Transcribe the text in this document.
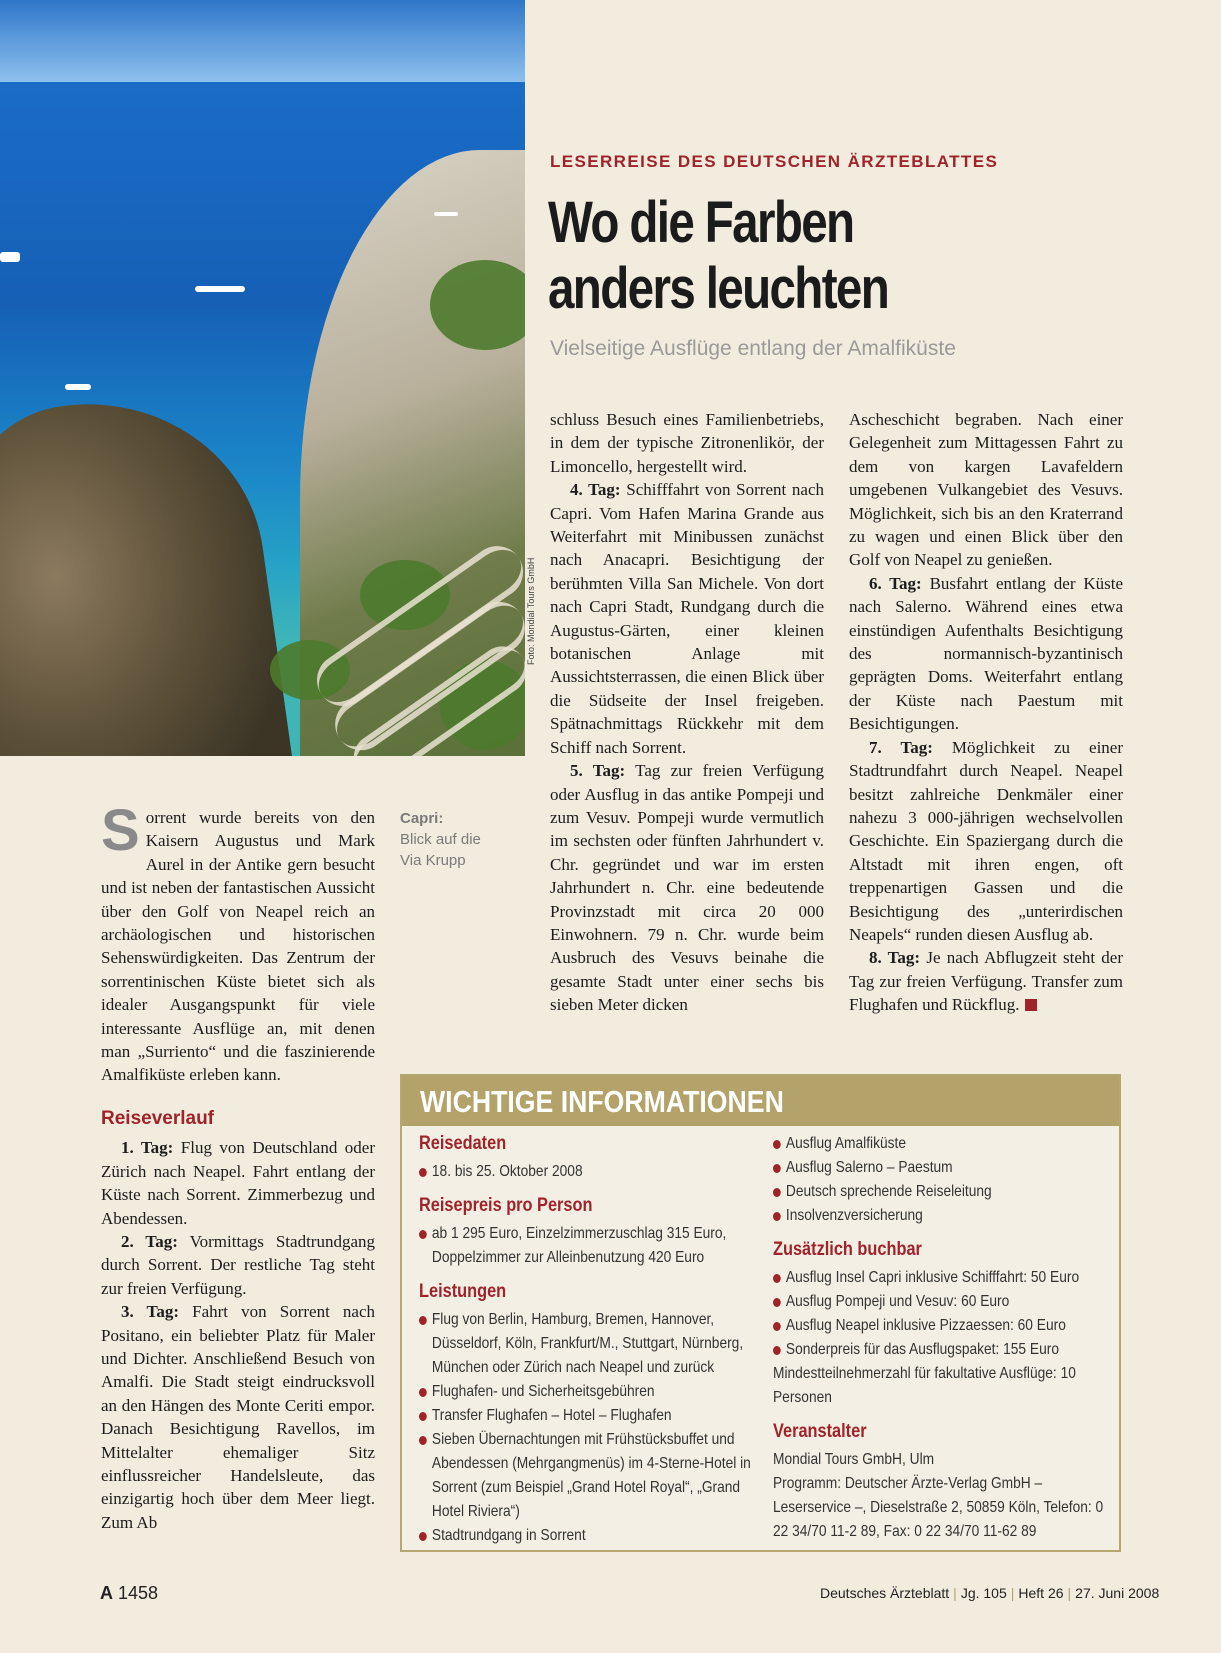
Foto: Mondial Tours GmbH
LESERREISE DES DEUTSCHEN ÄRZTEBLATTES
Wo die Farben
anders leuchten
Vielseitige Ausflüge entlang der Amalfiküste
Capri:
Blick auf die Via Krupp

Sorrent wurde bereits von den Kaisern Augustus und Mark Aurel in der Antike gern besucht und ist neben der fantastischen Aussicht über den Golf von Neapel reich an archäologischen und historischen Sehenswürdigkeiten. Das Zentrum der sorrentinischen Küste bietet sich als idealer Ausgangspunkt für viele interessante Ausflüge an, mit denen man „Surriento“ und die faszinierende Amalfiküste erleben kann.

Reiseverlauf

1. Tag: Flug von Deutschland oder Zürich nach Neapel. Fahrt entlang der Küste nach Sorrent. Zimmerbezug und Abendessen.

2. Tag: Vormittags Stadtrundgang durch Sorrent. Der restliche Tag steht zur freien Verfügung.

3. Tag: Fahrt von Sorrent nach Positano, ein beliebter Platz für Maler und Dichter. Anschließend Besuch von Amalfi. Die Stadt steigt eindrucksvoll an den Hängen des Monte Ceriti empor. Danach Besichtigung Ravellos, im Mittelalter ehemaliger Sitz einflussreicher Handelsleute, das einzigartig hoch über dem Meer liegt. Zum Ab

schluss Besuch eines Familienbetriebs, in dem der typische Zitronenlikör, der Limoncello, hergestellt wird.

4. Tag: Schifffahrt von Sorrent nach Capri. Vom Hafen Marina Grande aus Weiterfahrt mit Minibussen zunächst nach Anacapri. Besichtigung der berühmten Villa San Michele. Von dort nach Capri Stadt, Rundgang durch die Augustus-Gärten, einer kleinen botanischen Anlage mit Aussichtsterrassen, die einen Blick über die Südseite der Insel freigeben. Spätnachmittags Rückkehr mit dem Schiff nach Sorrent.

5. Tag: Tag zur freien Verfügung oder Ausflug in das antike Pompeji und zum Vesuv. Pompeji wurde vermutlich im sechsten oder fünften Jahrhundert v. Chr. gegründet und war im ersten Jahrhundert n. Chr. eine bedeutende Provinzstadt mit circa 20 000 Einwohnern. 79 n. Chr. wurde beim Ausbruch des Vesuvs beinahe die gesamte Stadt unter einer sechs bis sieben Meter dicken

Ascheschicht begraben. Nach einer Gelegenheit zum Mittagessen Fahrt zu dem von kargen Lavafeldern umgebenen Vulkangebiet des Vesuvs. Möglichkeit, sich bis an den Kraterrand zu wagen und einen Blick über den Golf von Neapel zu genießen.

6. Tag: Busfahrt entlang der Küste nach Salerno. Während eines etwa einstündigen Aufenthalts Besichtigung des normannisch-byzantinisch geprägten Doms. Weiterfahrt entlang der Küste nach Paestum mit Besichtigungen.

7. Tag: Möglichkeit zu einer Stadtrundfahrt durch Neapel. Neapel besitzt zahlreiche Denkmäler einer nahezu 3 000-jährigen wechselvollen Geschichte. Ein Spaziergang durch die Altstadt mit ihren engen, oft treppenartigen Gassen und die Besichtigung des „unterirdischen Neapels“ runden diesen Ausflug ab.

8. Tag: Je nach Abflugzeit steht der Tag zur freien Verfügung. Transfer zum Flughafen und Rückflug.

WICHTIGE INFORMATIONEN
Reisedaten
18. bis 25. Oktober 2008
Reisepreis pro Person
ab 1 295 Euro, Einzelzimmerzuschlag 315 Euro, Doppelzimmer zur Alleinbenutzung 420 Euro
Leistungen
Flug von Berlin, Hamburg, Bremen, Hannover, Düsseldorf, Köln, Frankfurt/M., Stuttgart, Nürnberg, München oder Zürich nach Neapel und zurück
Flughafen- und Sicherheitsgebühren
Transfer Flughafen – Hotel – Flughafen
Sieben Übernachtungen mit Frühstücksbuffet und Abendessen (Mehrgangmenüs) im 4-Sterne-Hotel in Sorrent (zum Beispiel „Grand Hotel Royal“, „Grand Hotel Riviera“)
Stadtrundgang in Sorrent
Ausflug Amalfiküste
Ausflug Salerno – Paestum
Deutsch sprechende Reiseleitung
Insolvenzversicherung
Zusätzlich buchbar
Ausflug Insel Capri inklusive Schifffahrt: 50 Euro
Ausflug Pompeji und Vesuv: 60 Euro
Ausflug Neapel inklusive Pizzaessen: 60 Euro
Sonderpreis für das Ausflugspaket: 155 Euro
Mindestteilnehmerzahl für fakultative Ausflüge: 10 Personen
Veranstalter
Mondial Tours GmbH, Ulm
Programm: Deutscher Ärzte-Verlag GmbH – Leserservice –, Dieselstraße 2, 50859 Köln, Telefon: 0 22 34/70 11-2 89, Fax: 0 22 34/70 11-62 89
A 1458	Deutsches Ärzteblatt | Jg. 105 | Heft 26 | 27. Juni 2008
